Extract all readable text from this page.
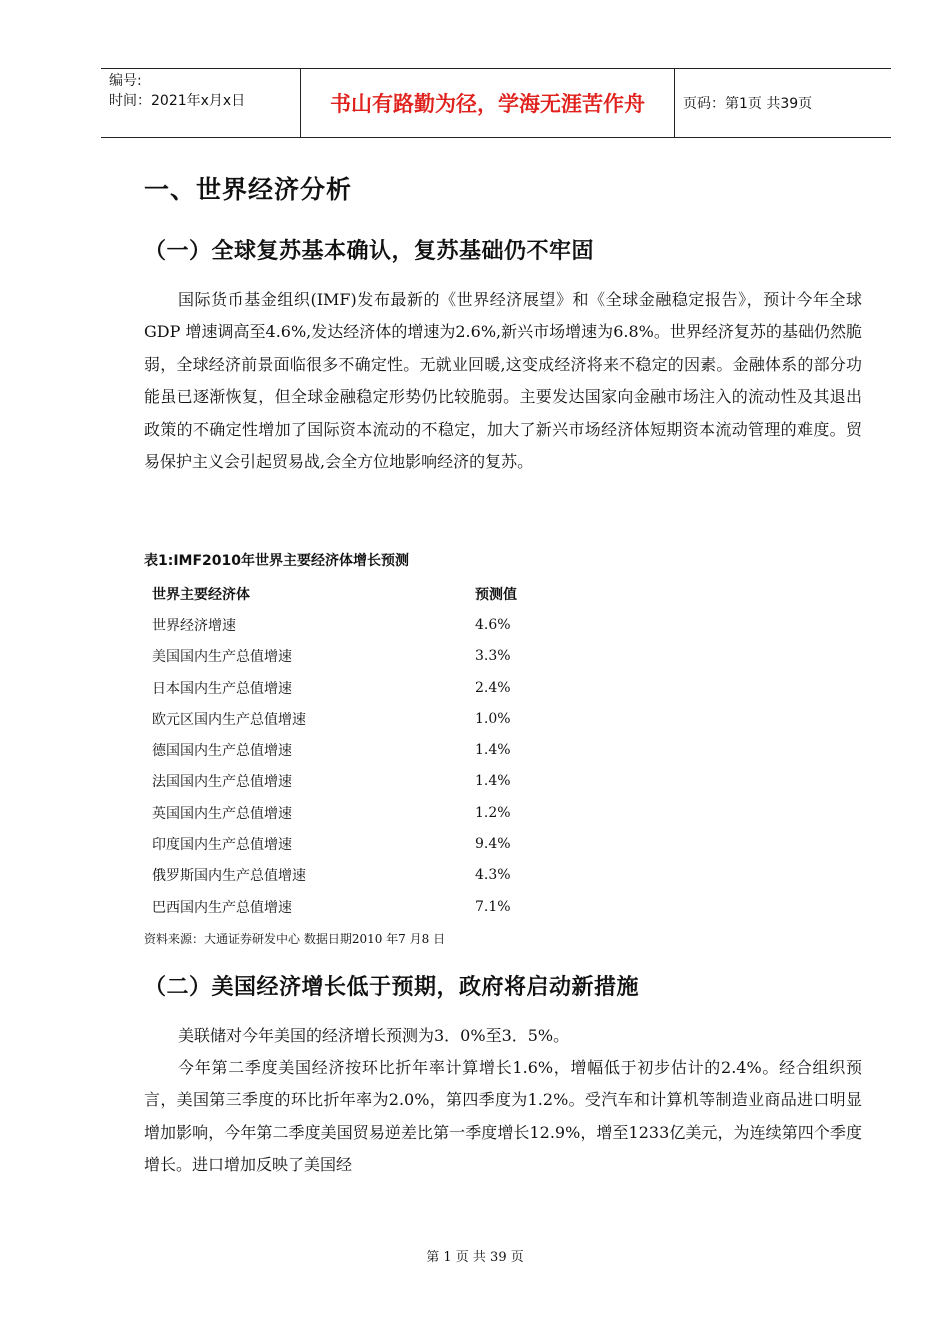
编号:
时间：2021年x月x日	书山有路勤为径，学海无涯苦作舟	页码：第1页 共39页
一、世界经济分析
（一）全球复苏基本确认，复苏基础仍不牢固
国际货币基金组织(IMF)发布最新的《世界经济展望》和《全球金融稳定报告》，预计今年全球GDP 增速调高至4.6%,发达经济体的增速为2.6%,新兴市场增速为6.8%。世界经济复苏的基础仍然脆弱，全球经济前景面临很多不确定性。无就业回暖,这变成经济将来不稳定的因素。金融体系的部分功能虽已逐渐恢复，但全球金融稳定形势仍比较脆弱。主要发达国家向金融市场注入的流动性及其退出政策的不确定性增加了国际资本流动的不稳定，加大了新兴市场经济体短期资本流动管理的难度。贸易保护主义会引起贸易战,会全方位地影响经济的复苏。
表1:IMF2010年世界主要经济体增长预测
世界主要经济体	预测值
世界经济增速	4.6%
美国国内生产总值增速	3.3%
日本国内生产总值增速	2.4%
欧元区国内生产总值增速	1.0%
德国国内生产总值增速	1.4%
法国国内生产总值增速	1.4%
英国国内生产总值增速	1.2%
印度国内生产总值增速	9.4%
俄罗斯国内生产总值增速	4.3%
巴西国内生产总值增速	7.1%
资料来源：大通证券研发中心 数据日期2010 年7 月8 日
（二）美国经济增长低于预期，政府将启动新措施
美联储对今年美国的经济增长预测为3．0%至3．5%。
今年第二季度美国经济按环比折年率计算增长1.6%，增幅低于初步估计的2.4%。经合组织预言，美国第三季度的环比折年率为2.0%，第四季度为1.2%。受汽车和计算机等制造业商品进口明显增加影响，今年第二季度美国贸易逆差比第一季度增长12.9%，增至1233亿美元，为连续第四个季度增长。进口增加反映了美国经
第 1 页 共 39 页
